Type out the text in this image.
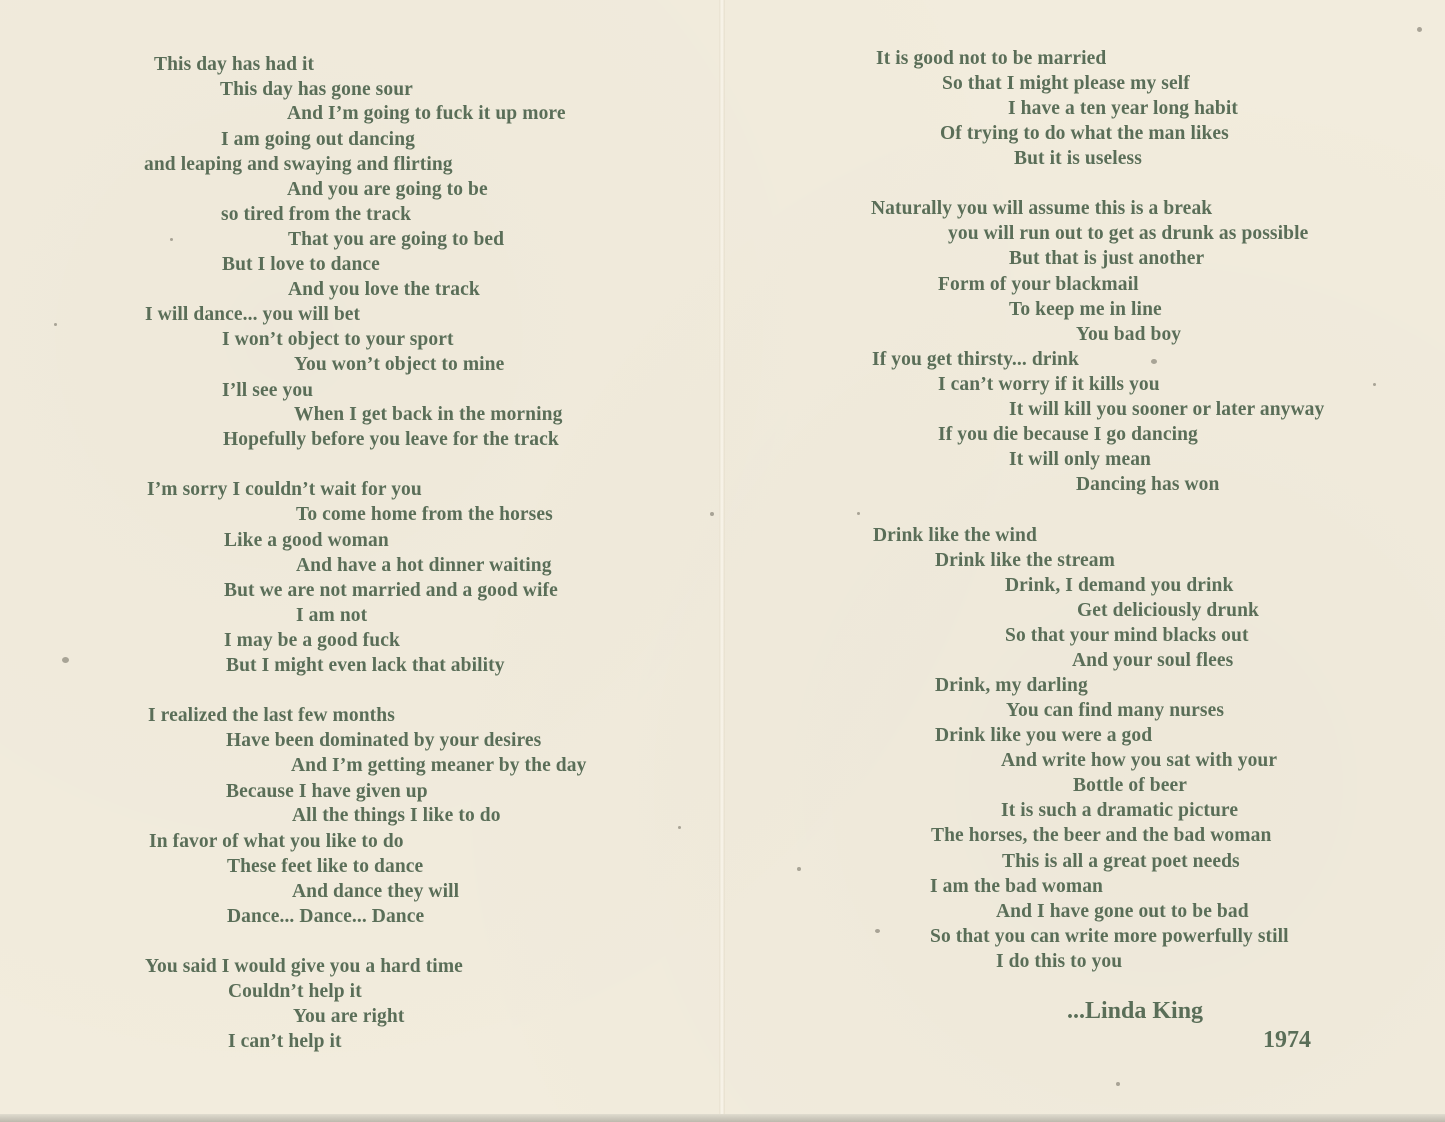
This day has had it
This day has gone sour
And I’m going to fuck it up more
I am going out dancing
and leaping and swaying and flirting
And you are going to be
so tired from the track
That you are going to bed
But I love to dance
And you love the track
I will dance... you will bet
I won’t object to your sport
You won’t object to mine
I’ll see you
When I get back in the morning
Hopefully before you leave for the track
I’m sorry I couldn’t wait for you
To come home from the horses
Like a good woman
And have a hot dinner waiting
But we are not married and a good wife
I am not
I may be a good fuck
But I might even lack that ability
I realized the last few months
Have been dominated by your desires
And I’m getting meaner by the day
Because I have given up
All the things I like to do
In favor of what you like to do
These feet like to dance
And dance they will
Dance... Dance... Dance
You said I would give you a hard time
Couldn’t help it
You are right
I can’t help it
It is good not to be married
So that I might please my self
I have a ten year long habit
Of trying to do what the man likes
But it is useless
Naturally you will assume this is a break
you will run out to get as drunk as possible
But that is just another
Form of your blackmail
To keep me in line
You bad boy
If you get thirsty... drink
I can’t worry if it kills you
It will kill you sooner or later anyway
If you die because I go dancing
It will only mean
Dancing has won
Drink like the wind
Drink like the stream
Drink, I demand you drink
Get deliciously drunk
So that your mind blacks out
And your soul flees
Drink, my darling
You can find many nurses
Drink like you were a god
And write how you sat with your
Bottle of beer
It is such a dramatic picture
The horses, the beer and the bad woman
This is all a great poet needs
I am the bad woman
And I have gone out to be bad
So that you can write more powerfully still
I do this to you
...Linda King
1974
